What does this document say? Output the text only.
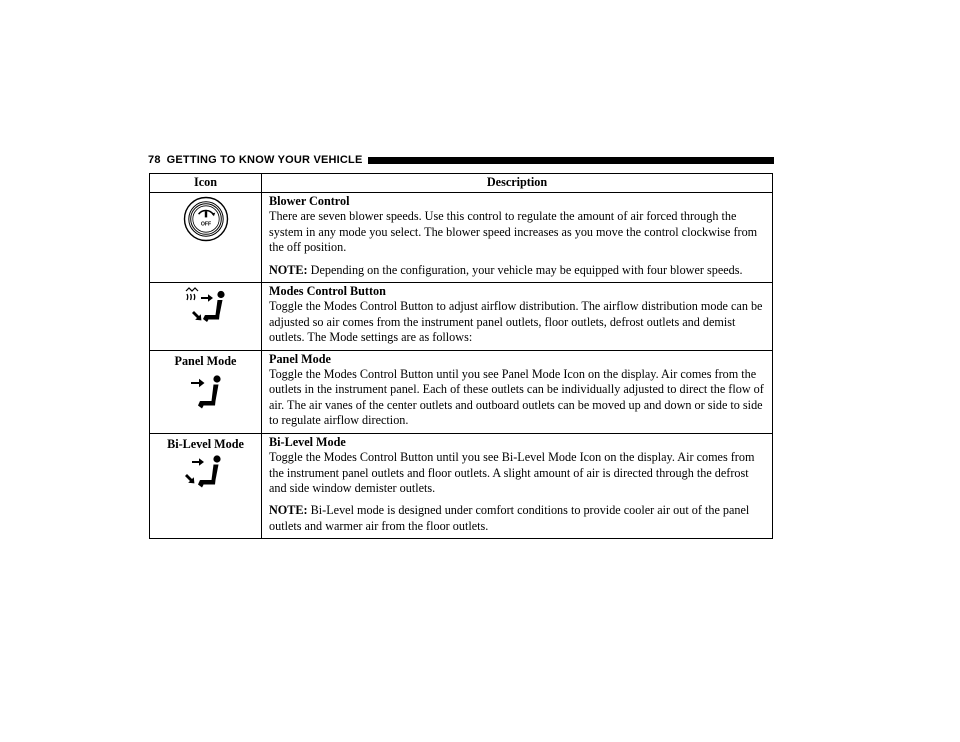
78 GETTING TO KNOW YOUR VEHICLE
Icon	Description

OFF	Blower Control
There are seven blower speeds. Use this control to regulate the amount of air forced through the system in any mode you select. The blower speed increases as you move the control clockwise from the off position.
NOTE: Depending on the configuration, your vehicle may be equipped with four blower speeds.

Modes Control Button
Toggle the Modes Control Button to adjust airflow distribution. The airflow distribution mode can be adjusted so air comes from the instrument panel outlets, floor outlets, defrost outlets and demist outlets. The Mode settings are as follows:

Panel Mode	Panel Mode
Toggle the Modes Control Button until you see Panel Mode Icon on the display. Air comes from the outlets in the instrument panel. Each of these outlets can be individually adjusted to direct the flow of air. The air vanes of the center outlets and outboard outlets can be moved up and down or side to side to regulate airflow direction.

Bi-Level Mode	Bi-Level Mode
Toggle the Modes Control Button until you see Bi-Level Mode Icon on the display. Air comes from the instrument panel outlets and floor outlets. A slight amount of air is directed through the defrost and side window demister outlets.
NOTE: Bi-Level mode is designed under comfort conditions to provide cooler air out of the panel outlets and warmer air from the floor outlets.
